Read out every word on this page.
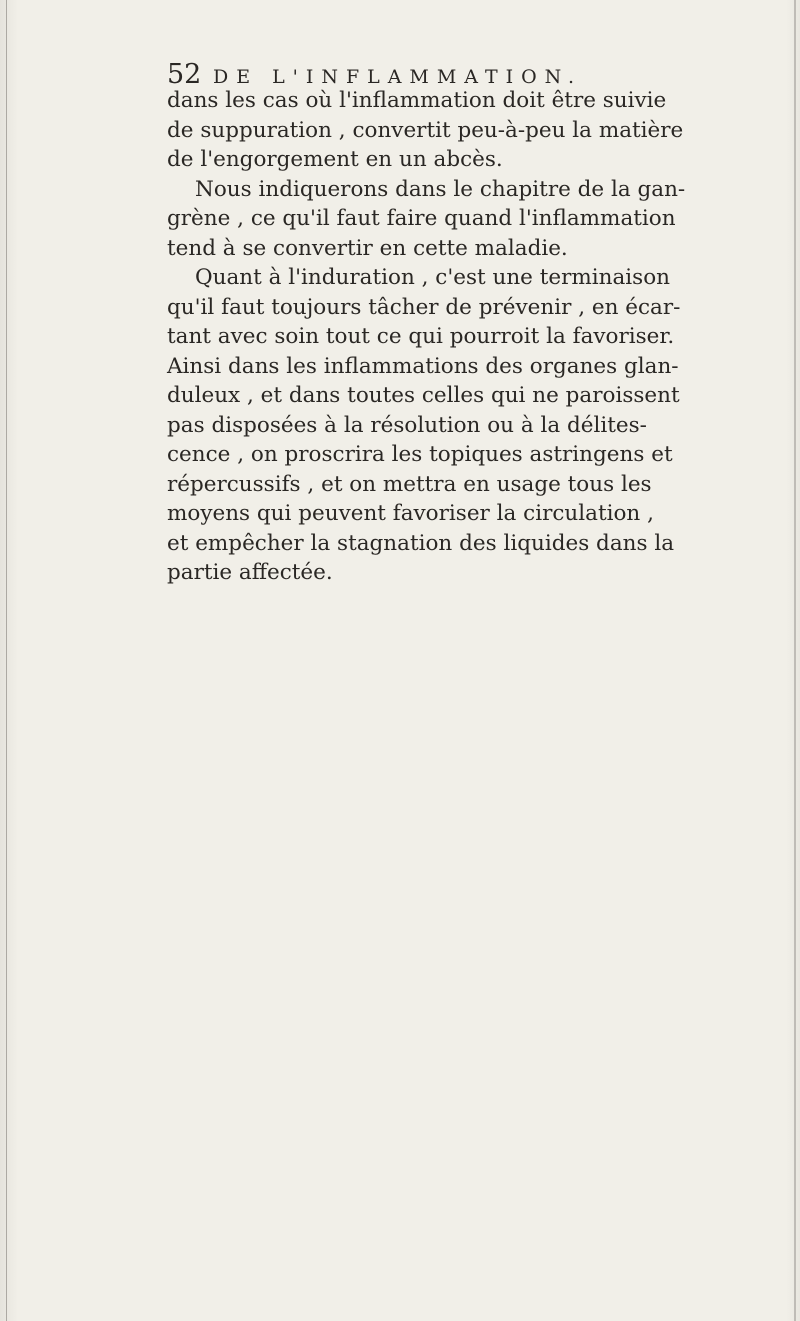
52 DE L'INFLAMMATION.
dans les cas où l'inflammation doit être suivie
de suppuration , convertit peu-à-peu la matière
de l'engorgement en un abcès.
Nous indiquerons dans le chapitre de la gan-
grène , ce qu'il faut faire quand l'inflammation
tend à se convertir en cette maladie.
Quant à l'induration , c'est une terminaison
qu'il faut toujours tâcher de prévenir , en écar-
tant avec soin tout ce qui pourroit la favoriser.
Ainsi dans les inflammations des organes glan-
duleux , et dans toutes celles qui ne paroissent
pas disposées à la résolution ou à la délites-
cence , on proscrira les topiques astringens et
répercussifs , et on mettra en usage tous les
moyens qui peuvent favoriser la circulation ,
et empêcher la stagnation des liquides dans la
partie affectée.
